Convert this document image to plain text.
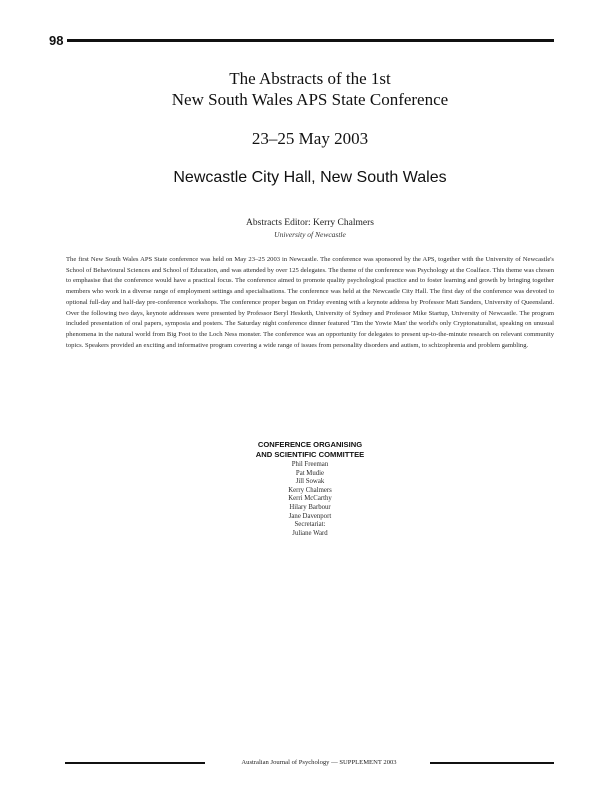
98
The Abstracts of the 1st
New South Wales APS State Conference
23–25 May 2003
Newcastle City Hall, New South Wales
Abstracts Editor: Kerry Chalmers
University of Newcastle

The first New South Wales APS State conference was held on May 23–25 2003 in Newcastle. The conference was sponsored by the APS, together with the University of Newcastle's School of Behavioural Sciences and School of Education, and was attended by over 125 delegates. The theme of the conference was Psychology at the Coalface. This theme was chosen to emphasise that the conference would have a practical focus. The conference aimed to promote quality psychological practice and to foster learning and growth by bringing together members who work in a diverse range of employment settings and specialisations. The conference was held at the Newcastle City Hall. The first day of the conference was devoted to optional full-day and half-day pre-conference workshops. The conference proper began on Friday evening with a keynote address by Professor Matt Sanders, University of Queensland. Over the following two days, keynote addresses were presented by Professor Beryl Hesketh, University of Sydney and Professor Mike Startup, University of Newcastle. The program included presentation of oral papers, symposia and posters. The Saturday night conference dinner featured 'Tim the Yowie Man' the world's only Cryptonaturalist, speaking on unusual phenomena in the natural world from Big Foot to the Loch Ness monster. The conference was an opportunity for delegates to present up-to-the-minute research on relevant community topics. Speakers provided an exciting and informative program covering a wide range of issues from personality disorders and autism, to schizophrenia and problem gambling.

CONFERENCE ORGANISING
AND SCIENTIFIC COMMITTEE
Phil Freeman
Pat Mudie
Jill Sowak
Kerry Chalmers
Kerri McCarthy
Hilary Barbour
Jane Davenport
Secretariat:
Juliane Ward
Australian Journal of Psychology — SUPPLEMENT 2003
